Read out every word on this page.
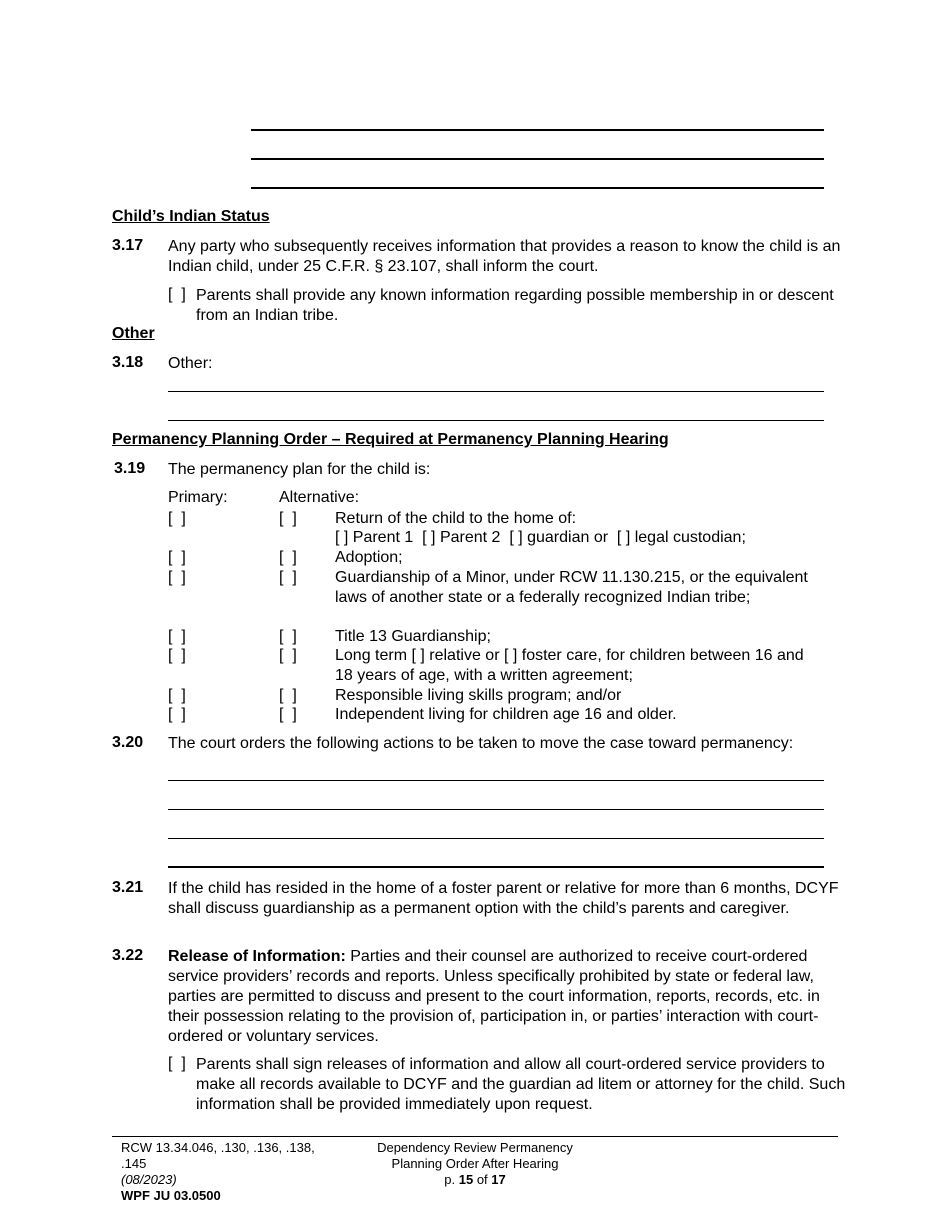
Child’s Indian Status
3.17 Any party who subsequently receives information that provides a reason to know the child is an Indian child, under 25 C.F.R. § 23.107, shall inform the court.
[  ] Parents shall provide any known information regarding possible membership in or descent from an Indian tribe.
Other
3.18 Other:
Permanency Planning Order – Required at Permanency Planning Hearing
3.19 The permanency plan for the child is:
Primary:	Alternative:
[  ]	[  ] Return of the child to the home of:
[ ] Parent 1  [ ] Parent 2  [ ] guardian or  [ ] legal custodian;
[  ]	[  ] Adoption;
[  ]	[  ] Guardianship of a Minor, under RCW 11.130.215, or the equivalent laws of another state or a federally recognized Indian tribe;
[  ]	[  ] Title 13 Guardianship;
[  ]	[  ] Long term [ ] relative or [ ] foster care, for children between 16 and 18 years of age, with a written agreement;
[  ]	[  ] Responsible living skills program; and/or
[  ]	[  ] Independent living for children age 16 and older.
3.20 The court orders the following actions to be taken to move the case toward permanency:
3.21 If the child has resided in the home of a foster parent or relative for more than 6 months, DCYF shall discuss guardianship as a permanent option with the child’s parents and caregiver.
3.22 Release of Information: Parties and their counsel are authorized to receive court-ordered service providers’ records and reports. Unless specifically prohibited by state or federal law, parties are permitted to discuss and present to the court information, reports, records, etc. in their possession relating to the provision of, participation in, or parties’ interaction with court-ordered or voluntary services.
[  ] Parents shall sign releases of information and allow all court-ordered service providers to make all records available to DCYF and the guardian ad litem or attorney for the child. Such information shall be provided immediately upon request.
RCW 13.34.046, .130, .136, .138, .145
(08/2023)
WPF JU 03.0500
Dependency Review Permanency
Planning Order After Hearing
p. 15 of 17
